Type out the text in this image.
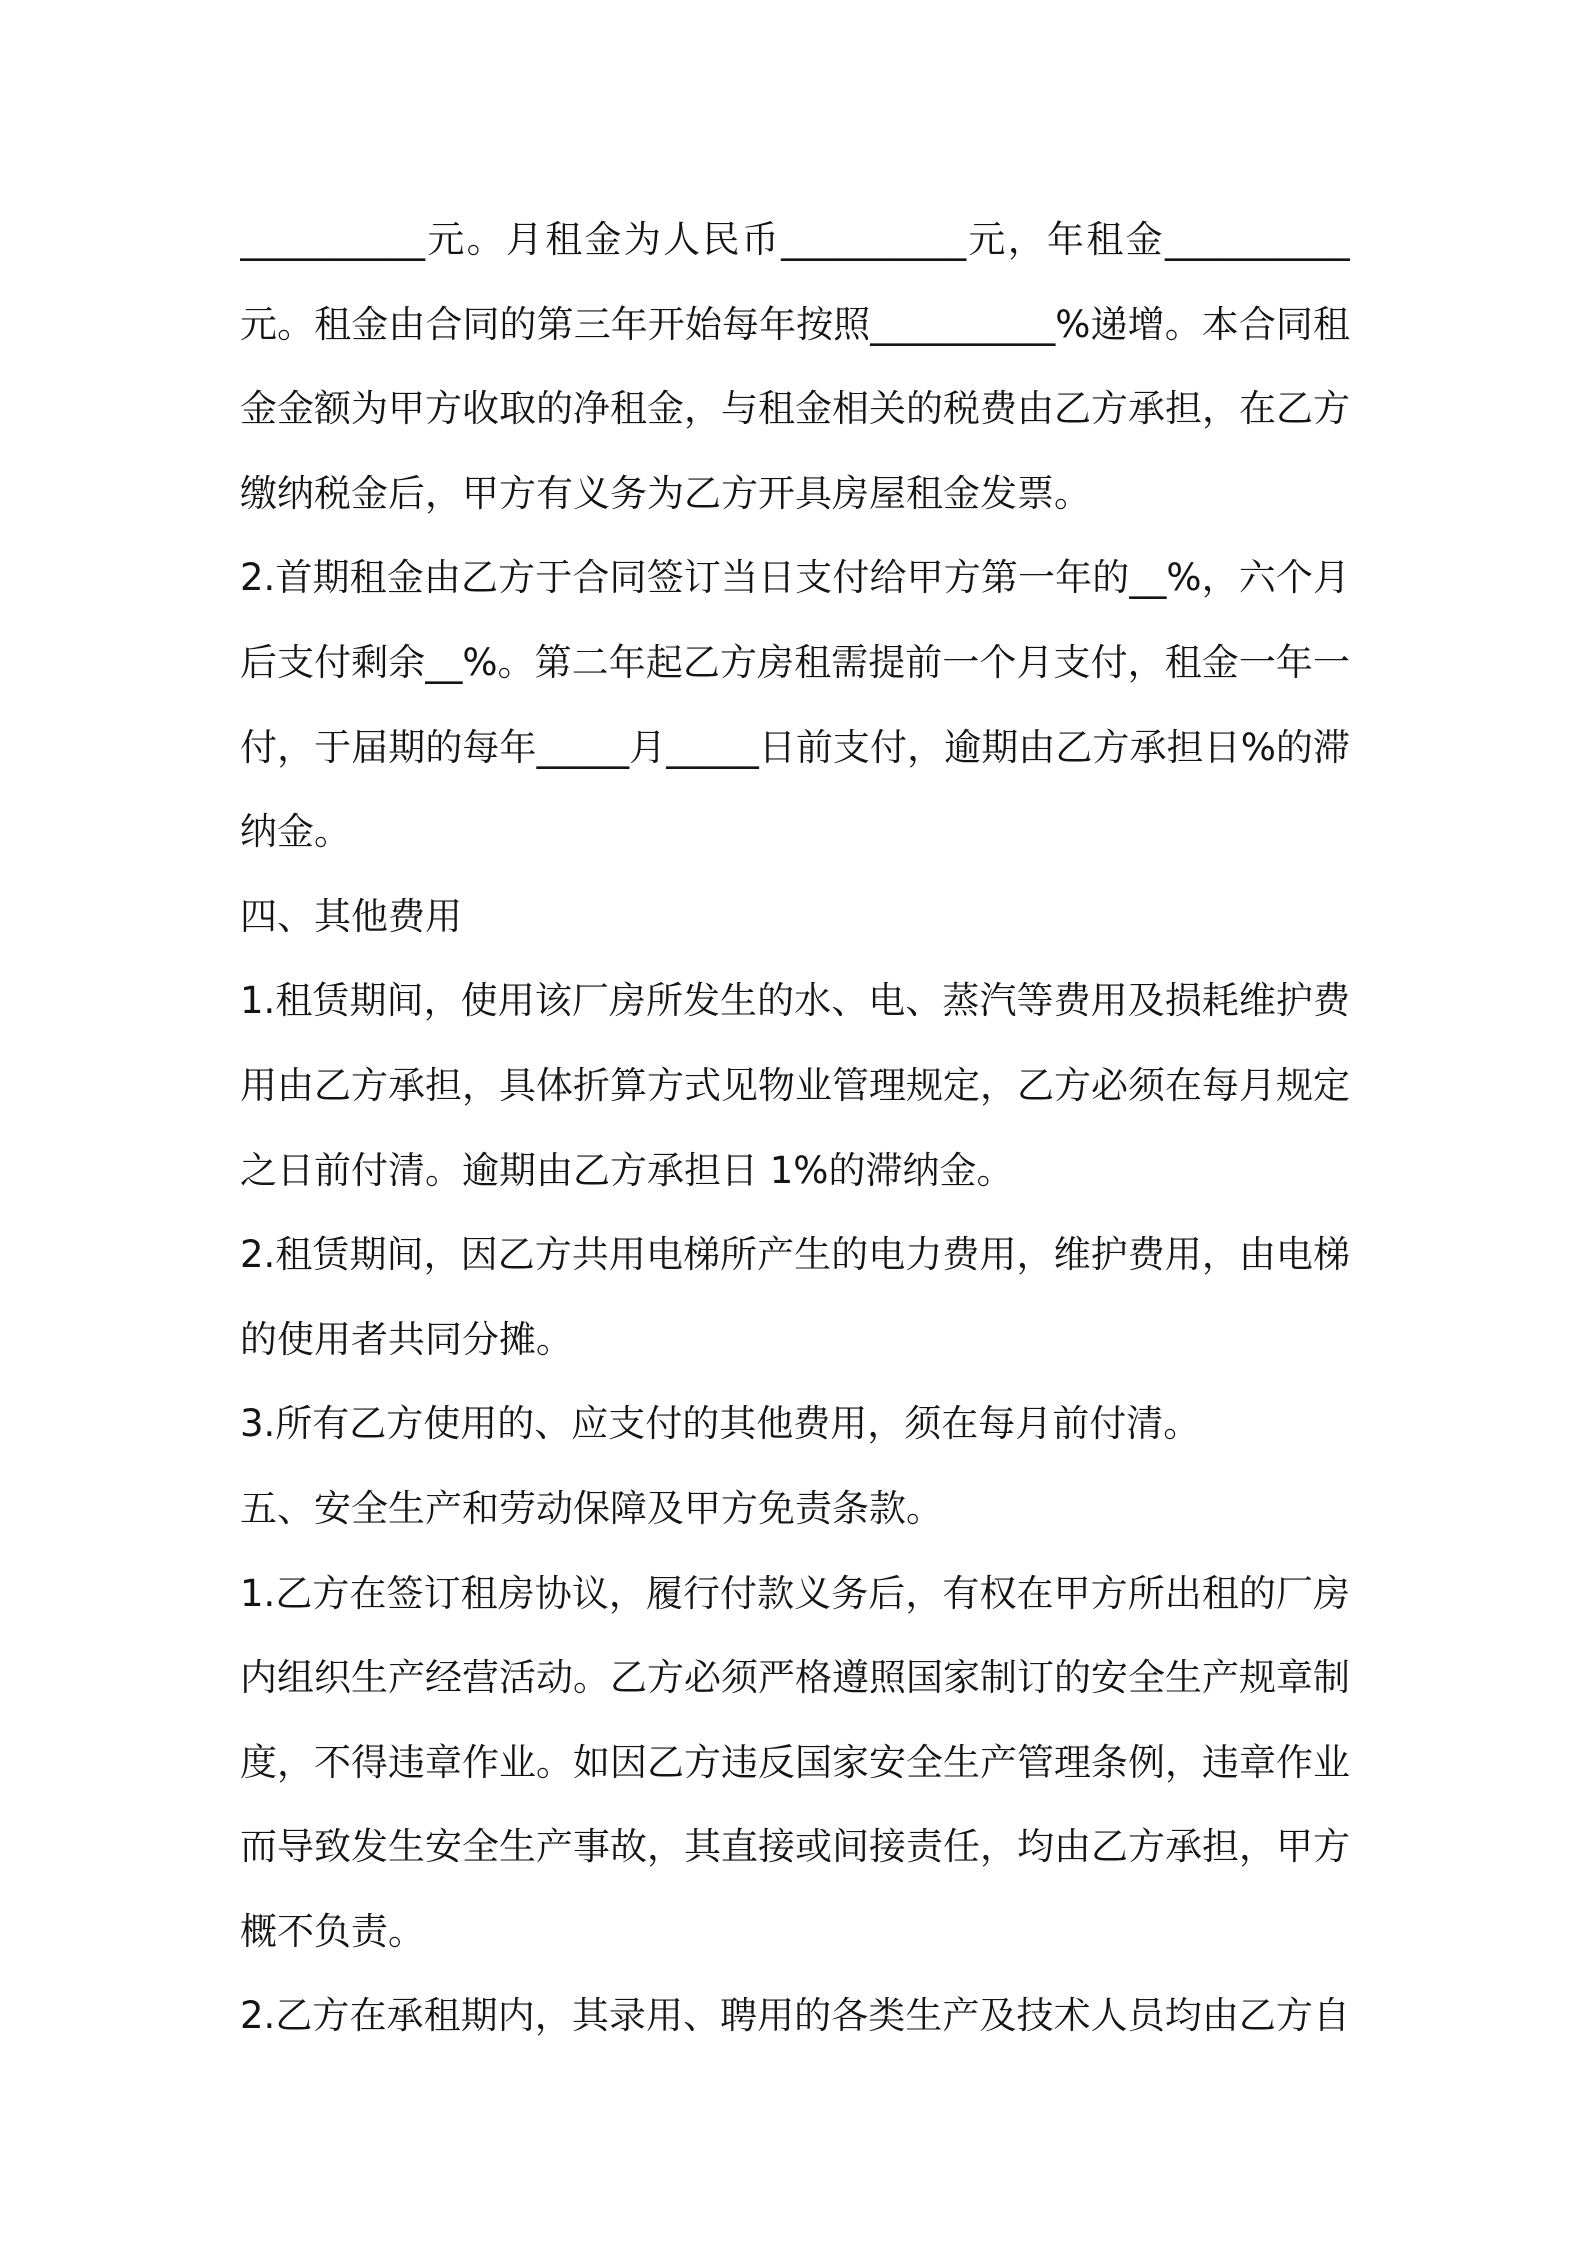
__________元。月租金为人民币__________元，年租金__________
元。租金由合同的第三年开始每年按照__________%递增。本合同租
金金额为甲方收取的净租金，与租金相关的税费由乙方承担，在乙方
缴纳税金后，甲方有义务为乙方开具房屋租金发票。
2.首期租金由乙方于合同签订当日支付给甲方第一年的__%，六个月
后支付剩余__%。第二年起乙方房租需提前一个月支付，租金一年一
付，于届期的每年_____月_____日前支付，逾期由乙方承担日%的滞
纳金。
四、其他费用
1.租赁期间，使用该厂房所发生的水、电、蒸汽等费用及损耗维护费
用由乙方承担，具体折算方式见物业管理规定，乙方必须在每月规定
之日前付清。逾期由乙方承担日 1%的滞纳金。
2.租赁期间，因乙方共用电梯所产生的电力费用，维护费用，由电梯
的使用者共同分摊。
3.所有乙方使用的、应支付的其他费用，须在每月前付清。
五、安全生产和劳动保障及甲方免责条款。
1.乙方在签订租房协议，履行付款义务后，有权在甲方所出租的厂房
内组织生产经营活动。乙方必须严格遵照国家制订的安全生产规章制
度，不得违章作业。如因乙方违反国家安全生产管理条例，违章作业
而导致发生安全生产事故，其直接或间接责任，均由乙方承担，甲方
概不负责。
2.乙方在承租期内，其录用、聘用的各类生产及技术人员均由乙方自
